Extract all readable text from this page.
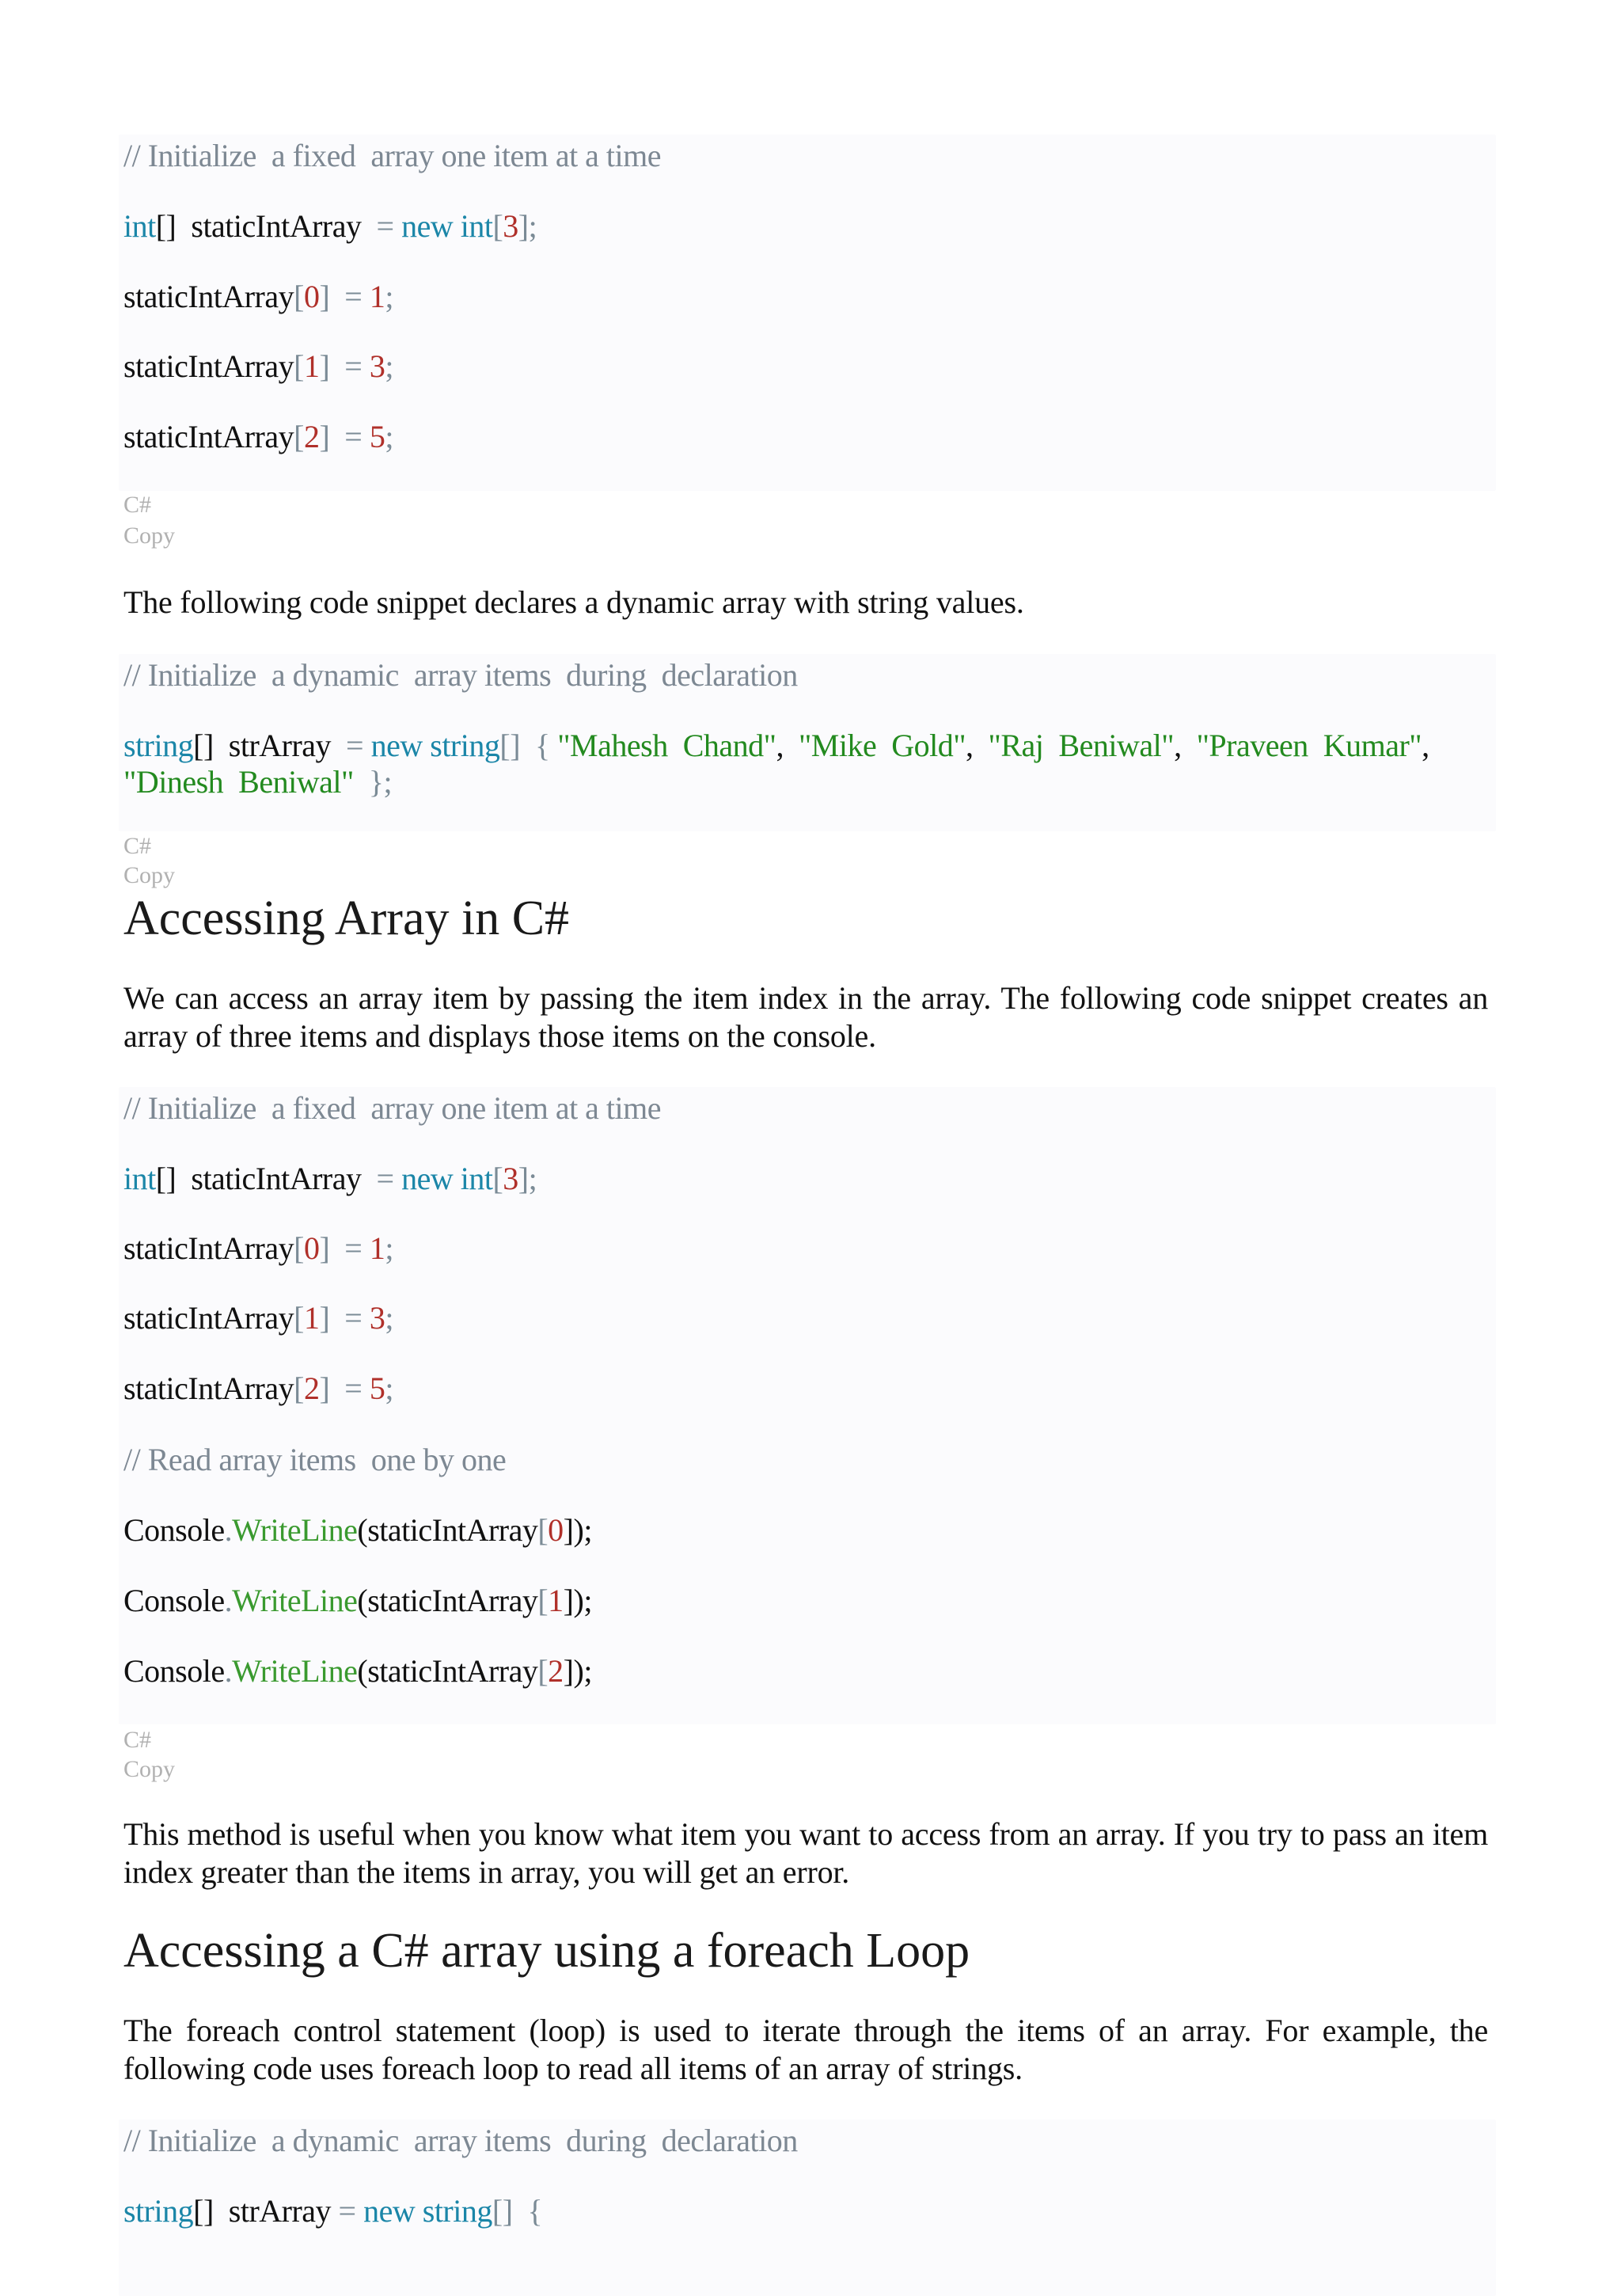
// Initialize  a fixed  array one item at a time
int[] staticIntArray = new int[3];
staticIntArray[0] = 1;
staticIntArray[1] = 3;
staticIntArray[2] = 5;
C#
Copy

The following code snippet declares a dynamic array with string values.

// Initialize  a dynamic  array items  during  declaration
string[] strArray = new string[] { "Mahesh  Chand", "Mike  Gold", "Raj  Beniwal", "Praveen  Kumar",
"Dinesh  Beniwal" };
C#
Copy
Accessing Array in C#

We can access an array item by passing the item index in the array. The following code snippet creates an array of three items and displays those items on the console.

// Initialize  a fixed  array one item at a time
int[] staticIntArray = new int[3];
staticIntArray[0] = 1;
staticIntArray[1] = 3;
staticIntArray[2] = 5;
// Read array items  one by one
Console.WriteLine(staticIntArray[0]);
Console.WriteLine(staticIntArray[1]);
Console.WriteLine(staticIntArray[2]);
C#
Copy

This method is useful when you know what item you want to access from an array. If you try to pass an item index greater than the items in array, you will get an error.

Accessing a C# array using a foreach Loop

The foreach control statement (loop) is used to iterate through the items of an array. For example, the following code uses foreach loop to read all items of an array of strings.

// Initialize  a dynamic  array items  during  declaration
string[] strArray = new string[] {
